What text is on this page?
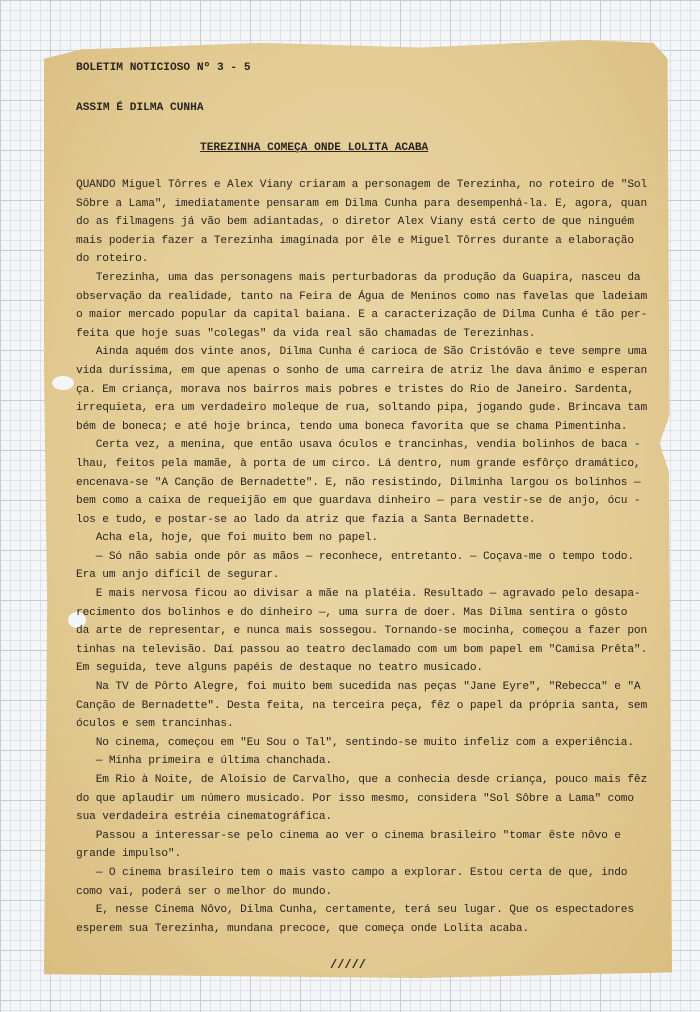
BOLETIM NOTICIOSO Nº 3 - 5
ASSIM É DILMA CUNHA
TEREZINHA COMEÇA ONDE LOLITA ACABA
QUANDO Miguel Tôrres e Alex Viany criaram a personagem de Terezinha, no roteiro de "Sol
Sôbre a Lama", imediatamente pensaram em Dilma Cunha para desempenhá-la. E, agora, quan
do as filmagens já vão bem adiantadas, o diretor Alex Viany está certo de que ninguém
mais poderia fazer a Terezinha imaginada por êle e Miguel Tôrres durante a elaboração
do roteiro.
Terezinha, uma das personagens mais perturbadoras da produção da Guapira, nasceu da
observação da realidade, tanto na Feira de Água de Meninos como nas favelas que ladeiam
o maior mercado popular da capital baiana. E a caracterização de Dilma Cunha é tão per-
feita que hoje suas "colegas" da vida real são chamadas de Terezinhas.
Ainda aquém dos vinte anos, Dilma Cunha é carioca de São Cristóvão e teve sempre uma
vida duríssima, em que apenas o sonho de uma carreira de atriz lhe dava ânimo e esperan
ça. Em criança, morava nos bairros mais pobres e tristes do Rio de Janeiro. Sardenta,
irrequieta, era um verdadeiro moleque de rua, soltando pipa, jogando gude. Brincava tam
bém de boneca; e até hoje brinca, tendo uma boneca favorita que se chama Pimentinha.
Certa vez, a menina, que então usava óculos e trancinhas, vendia bolinhos de baca -
lhau, feitos pela mamãe, à porta de um circo. Lá dentro, num grande esfôrço dramático,
encenava-se "A Canção de Bernadette". E, não resistindo, Dilminha largou os bolinhos —
bem como a caixa de requeijão em que guardava dinheiro — para vestir-se de anjo, ócu -
los e tudo, e postar-se ao lado da atriz que fazia a Santa Bernadette.
Acha ela, hoje, que foi muito bem no papel.
— Só não sabia onde pôr as mãos — reconhece, entretanto. — Coçava-me o tempo todo.
Era um anjo difícil de segurar.
E mais nervosa ficou ao divisar a mãe na platéia. Resultado — agravado pelo desapa-
recimento dos bolinhos e do dinheiro —, uma surra de doer. Mas Dilma sentira o gôsto
da arte de representar, e nunca mais sossegou. Tornando-se mocinha, começou a fazer pon
tinhas na televisão. Daí passou ao teatro declamado com um bom papel em "Camisa Prêta".
Em seguida, teve alguns papéis de destaque no teatro musicado.
Na TV de Pôrto Alegre, foi muito bem sucedida nas peças "Jane Eyre", "Rebecca" e "A
Canção de Bernadette". Desta feita, na terceira peça, fêz o papel da própria santa, sem
óculos e sem trancinhas.
No cinema, começou em "Eu Sou o Tal", sentindo-se muito infeliz com a experiência.
— Minha primeira e última chanchada.
Em Rio à Noite, de Aloísio de Carvalho, que a conhecia desde criança, pouco mais fêz
do que aplaudir um número musicado. Por isso mesmo, considera "Sol Sôbre a Lama" como
sua verdadeira estréia cinematográfica.
Passou a interessar-se pelo cinema ao ver o cinema brasileiro "tomar êste nôvo e
grande impulso".
— O cinema brasileiro tem o mais vasto campo a explorar. Estou certa de que, indo
como vai, poderá ser o melhor do mundo.
E, nesse Cinema Nôvo, Dilma Cunha, certamente, terá seu lugar. Que os espectadores
esperem sua Terezinha, mundana precoce, que começa onde Lolita acaba.
/////
